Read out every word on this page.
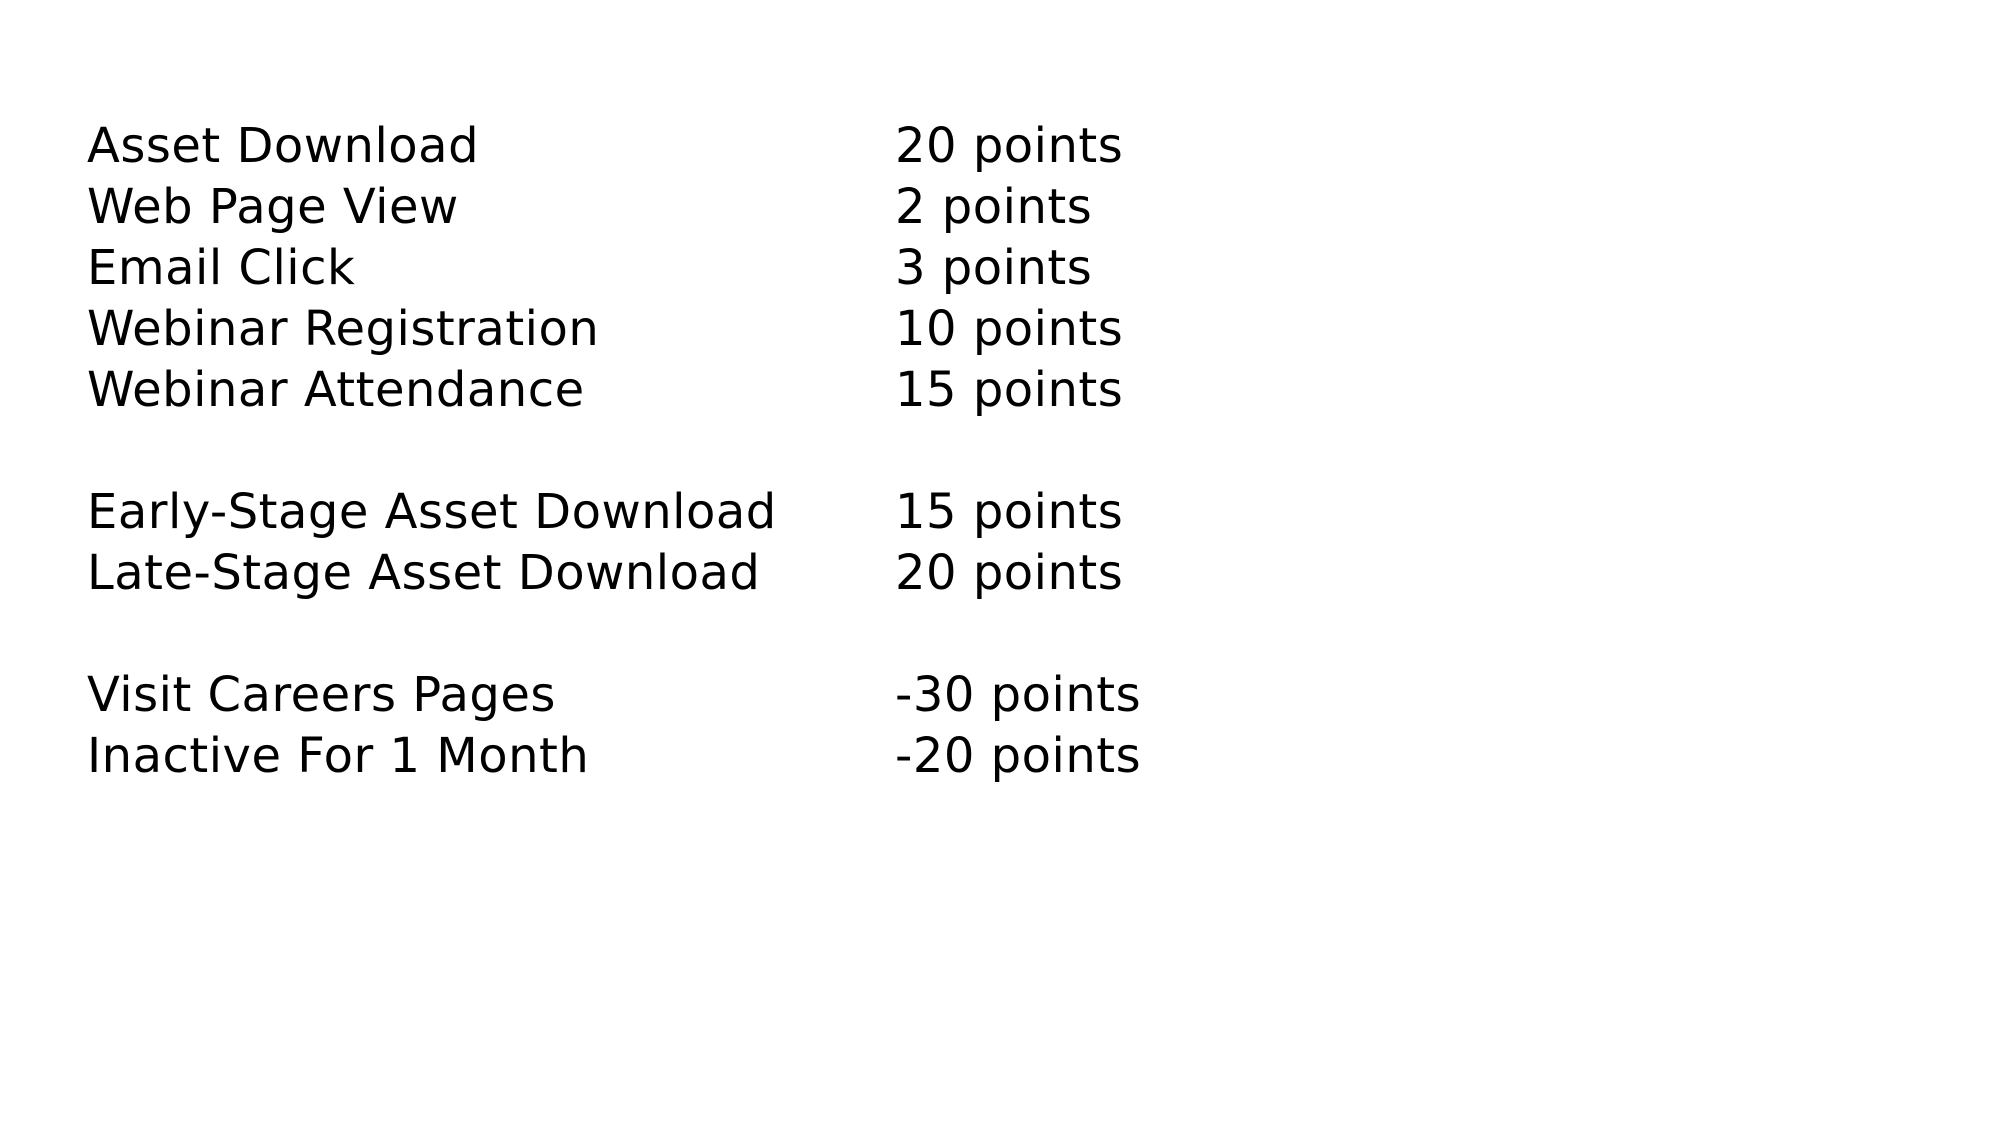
Asset Download	20 points
Web Page View	2 points
Email Click	3 points
Webinar Registration	10 points
Webinar Attendance	15 points
Early-Stage Asset Download 15 points
Late-Stage Asset Download	20 points
Visit Careers Pages	-30 points
Inactive For 1 Month	-20 points
